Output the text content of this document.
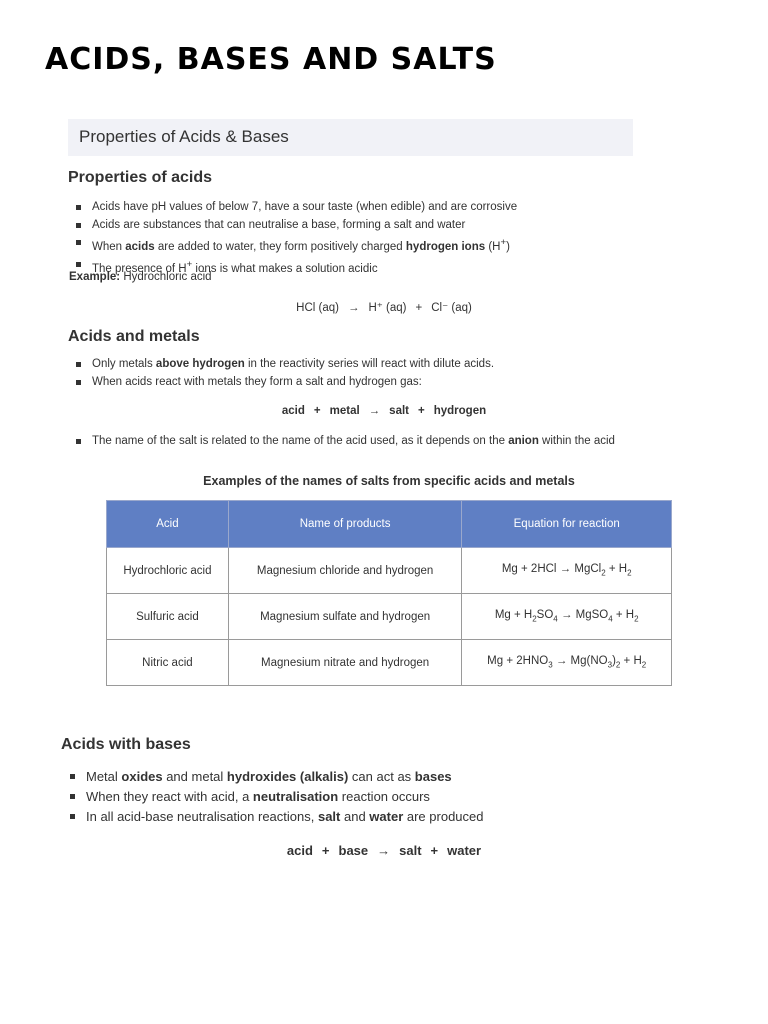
ACIDS, BASES AND SALTS
Properties of Acids & Bases
Properties of acids
Acids have pH values of below 7, have a sour taste (when edible) and are corrosive
Acids are substances that can neutralise a base, forming a salt and water
When acids are added to water, they form positively charged hydrogen ions (H+)
The presence of H+ ions is what makes a solution acidic
Example: Hydrochloric acid
HCl (aq) → H⁺ (aq) + Cl⁻ (aq)
Acids and metals
Only metals above hydrogen in the reactivity series will react with dilute acids.
When acids react with metals they form a salt and hydrogen gas:
acid + metal → salt + hydrogen
The name of the salt is related to the name of the acid used, as it depends on the anion within the acid
Examples of the names of salts from specific acids and metals
Acid	Name of products	Equation for reaction
Hydrochloric acid	Magnesium chloride and hydrogen	Mg + 2HCl → MgCl$_2$ + $H_2$
Sulfuric acid	Magnesium sulfate and hydrogen	$Mg + H_2SO_4$ → MgSO$_4$ + $H_2$
Nitric acid	Magnesium nitrate and hydrogen	$Mg + 2HNO_3 \to Mg(NO_3)_2 + H_2$
Acids with bases
Metal oxides and metal hydroxides (alkalis) can act as bases
When they react with acid, a neutralisation reaction occurs
In all acid-base neutralisation reactions, salt and water are produced
acid + base → salt + water
